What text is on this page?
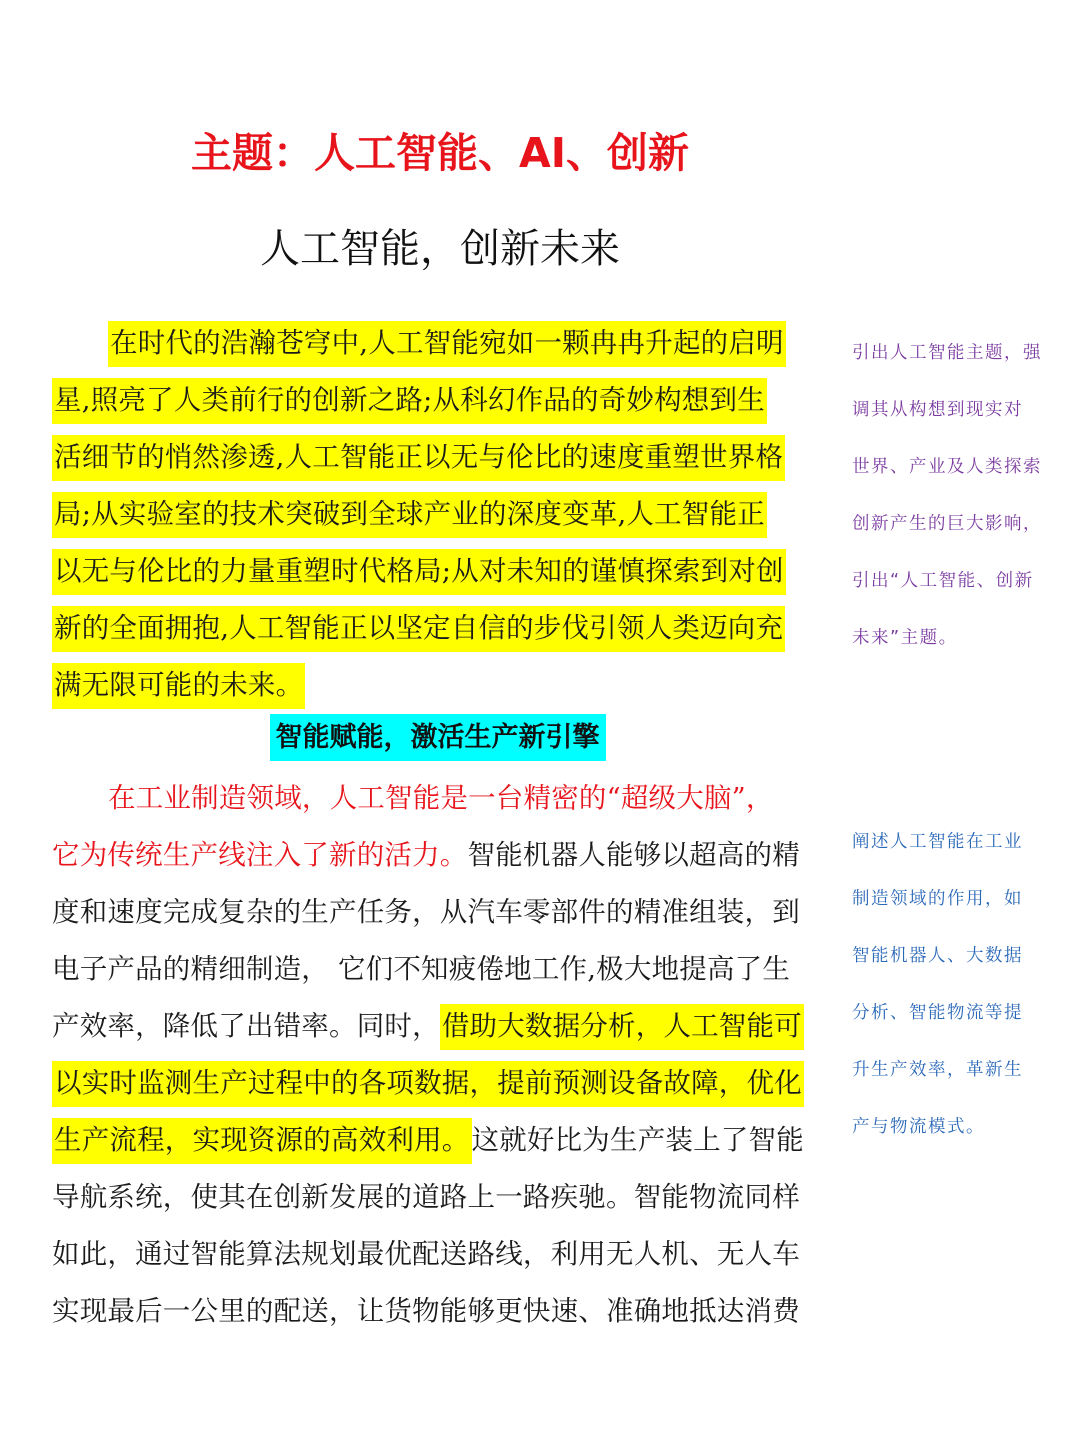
主题：人工智能、AI、创新
人工智能，创新未来
在时代的浩瀚苍穹中,人工智能宛如一颗冉冉升起的启明
星,照亮了人类前行的创新之路;从科幻作品的奇妙构想到生
活细节的悄然渗透,人工智能正以无与伦比的速度重塑世界格
局;从实验室的技术突破到全球产业的深度变革,人工智能正
以无与伦比的力量重塑时代格局;从对未知的谨慎探索到对创
新的全面拥抱,人工智能正以坚定自信的步伐引领人类迈向充
满无限可能的未来。
智能赋能，激活生产新引擎
在工业制造领域，人工智能是一台精密的“超级大脑”，
它为传统生产线注入了新的活力。智能机器人能够以超高的精
度和速度完成复杂的生产任务，从汽车零部件的精准组装，到
电子产品的精细制造， 它们不知疲倦地工作,极大地提高了生
产效率，降低了出错率。同时，借助大数据分析，人工智能可
以实时监测生产过程中的各项数据，提前预测设备故障，优化
生产流程，实现资源的高效利用。这就好比为生产装上了智能
导航系统，使其在创新发展的道路上一路疾驰。智能物流同样
如此，通过智能算法规划最优配送路线，利用无人机、无人车
实现最后一公里的配送，让货物能够更快速、准确地抵达消费
引出人工智能主题，强
调其从构想到现实对
世界、产业及人类探索
创新产生的巨大影响，
引出“人工智能、创新
未来”主题。
阐述人工智能在工业
制造领域的作用，如
智能机器人、大数据
分析、智能物流等提
升生产效率，革新生
产与物流模式。
